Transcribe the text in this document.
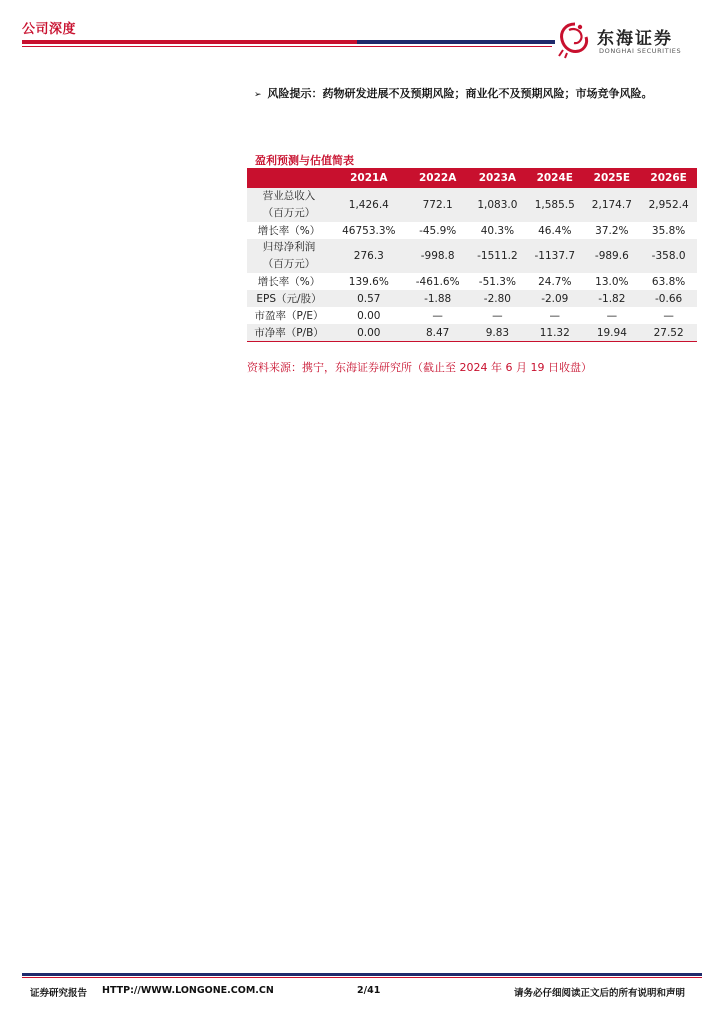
公司深度	东海证券
DONGHAI SECURITIES
➢ 风险提示：药物研发进展不及预期风险；商业化不及预期风险；市场竞争风险。
盈利预测与估值简表
	2021A	2022A	2023A	2024E	2025E	2026E

营业总收入
（百万元）	1,426.4	772.1	1,083.0	1,585.5	2,174.7	2,952.4
增长率（%）	46753.3%	-45.9%	40.3%	46.4%	37.2%	35.8%

归母净利润
（百万元）	276.3	-998.8	-1511.2	-1137.7	-989.6	-358.0
增长率（%）	139.6%	-461.6%	-51.3%	24.7%	13.0%	63.8%
EPS（元/股）	0.57	-1.88	-2.80	-2.09	-1.82	-0.66
市盈率（P/E）	0.00	—	—	—	—	—
市净率（P/B）	0.00	8.47	9.83	11.32	19.94	27.52
资料来源：携宁，东海证券研究所（截止至 2024 年 6 月 19 日收盘）
证券研究报告 HTTP://WWW.LONGONE.COM.CN	2/41	请务必仔细阅读正文后的所有说明和声明
